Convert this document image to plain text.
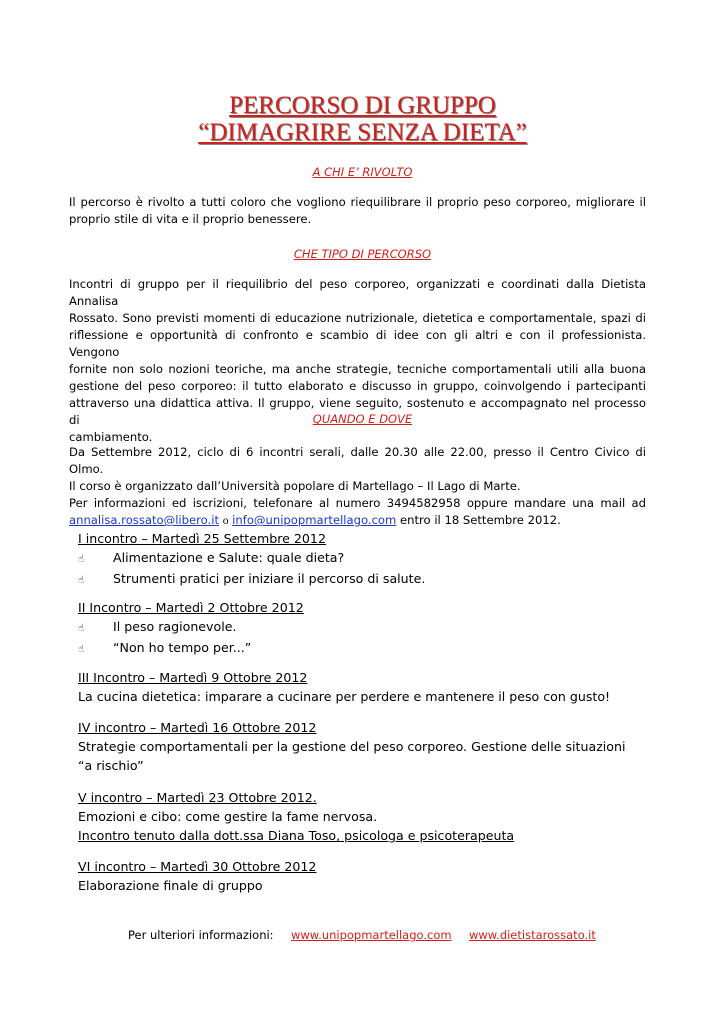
PERCORSO DI GRUPPO
“DIMAGRIRE SENZA DIETA”
A CHI E’ RIVOLTO
Il percorso è rivolto a tutti coloro che vogliono riequilibrare il proprio peso corporeo, migliorare il
proprio stile di vita e il proprio benessere.
CHE TIPO DI PERCORSO
Incontri di gruppo per il riequilibrio del peso corporeo, organizzati e coordinati dalla Dietista Annalisa
Rossato. Sono previsti momenti di educazione nutrizionale, dietetica e comportamentale, spazi di
riflessione e opportunità di confronto e scambio di idee con gli altri e con il professionista. Vengono
fornite non solo nozioni teoriche, ma anche strategie, tecniche comportamentali utili alla buona
gestione del peso corporeo: il tutto elaborato e discusso in gruppo, coinvolgendo i partecipanti
attraverso una didattica attiva. Il gruppo, viene seguito, sostenuto e accompagnato nel processo di
cambiamento.
QUANDO E DOVE
Da Settembre 2012, ciclo di 6 incontri serali, dalle 20.30 alle 22.00, presso il Centro Civico di Olmo.
Il corso è organizzato dall’Università popolare di Martellago – Il Lago di Marte.
Per informazioni ed iscrizioni, telefonare al numero 3494582958 oppure mandare una mail ad
annalisa.rossato@libero.it o info@unipopmartellago.com entro il 18 Settembre 2012.
I incontro – Martedì 25 Settembre 2012
☝ Alimentazione e Salute: quale dieta?
☝ Strumenti pratici per iniziare il percorso di salute.
II Incontro – Martedì 2 Ottobre 2012
☝ Il peso ragionevole.
☝ “Non ho tempo per...”
III Incontro – Martedì 9 Ottobre 2012
La cucina dietetica: imparare a cucinare per perdere e mantenere il peso con gusto!
IV incontro – Martedì 16 Ottobre 2012
Strategie comportamentali per la gestione del peso corporeo. Gestione delle situazioni
“a rischio”
V incontro – Martedì 23 Ottobre 2012.
Emozioni e cibo: come gestire la fame nervosa.
Incontro tenuto dalla dott.ssa Diana Toso, psicologa e psicoterapeuta
VI incontro – Martedì 30 Ottobre 2012
Elaborazione finale di gruppo
Per ulteriori informazioni: www.unipopmartellago.com www.dietistarossato.it
